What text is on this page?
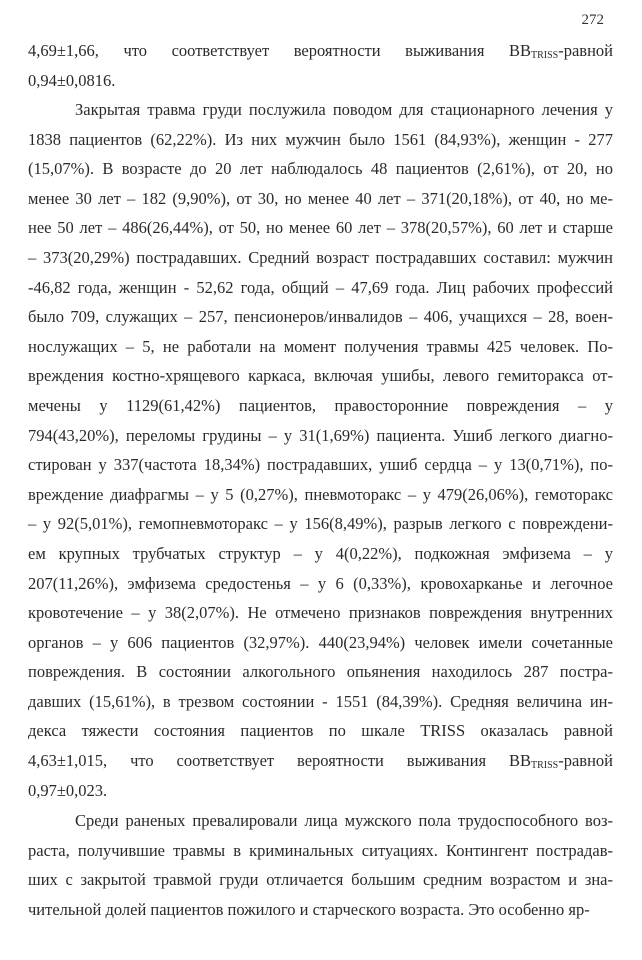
272
4,69±1,66, что соответствует вероятности выживания $ВВ_{TRISS}$-равной
0,94±0,0816.
Закрытая травма груди послужила поводом для стационарного лечения у
1838 пациентов (62,22%). Из них мужчин было 1561 (84,93%), женщин - 277
(15,07%). В возрасте до 20 лет наблюдалось 48 пациентов (2,61%), от 20, но
менее 30 лет – 182 (9,90%), от 30, но менее 40 лет – 371(20,18%), от 40, но ме-
нее 50 лет – 486(26,44%), от 50, но менее 60 лет – 378(20,57%), 60 лет и старше
– 373(20,29%) пострадавших. Средний возраст пострадавших составил: мужчин
-46,82 года, женщин - 52,62 года, общий – 47,69 года. Лиц рабочих профессий
было 709, служащих – 257, пенсионеров/инвалидов – 406, учащихся – 28, воен-
нослужащих – 5, не работали на момент получения травмы 425 человек. По-
вреждения костно-хрящевого каркаса, включая ушибы, левого гемиторакса от-
мечены у 1129(61,42%) пациентов, правосторонние повреждения – у
794(43,20%), переломы грудины – у 31(1,69%) пациента. Ушиб легкого диагно-
стирован у 337(частота 18,34%) пострадавших, ушиб сердца – у 13(0,71%), по-
вреждение диафрагмы – у 5 (0,27%), пневмоторакс – у 479(26,06%), гемоторакс
– у 92(5,01%), гемопневмоторакс – у 156(8,49%), разрыв легкого с повреждени-
ем крупных трубчатых структур – у 4(0,22%), подкожная эмфизема – у
207(11,26%), эмфизема средостенья – у 6 (0,33%), кровохарканье и легочное
кровотечение – у 38(2,07%). Не отмечено признаков повреждения внутренних
органов – у 606 пациентов (32,97%). 440(23,94%) человек имели сочетанные
повреждения. В состоянии алкогольного опьянения находилось 287 постра-
давших (15,61%), в трезвом состоянии - 1551 (84,39%). Средняя величина ин-
декса тяжести состояния пациентов по шкале TRISS оказалась равной
4,63±1,015, что соответствует вероятности выживания $ВВ_{TRISS}$-равной
0,97±0,023.
Среди раненых превалировали лица мужского пола трудоспособного воз-
раста, получившие травмы в криминальных ситуациях. Контингент пострадав-
ших с закрытой травмой груди отличается большим средним возрастом и зна-
чительной долей пациентов пожилого и старческого возраста. Это особенно яр-
